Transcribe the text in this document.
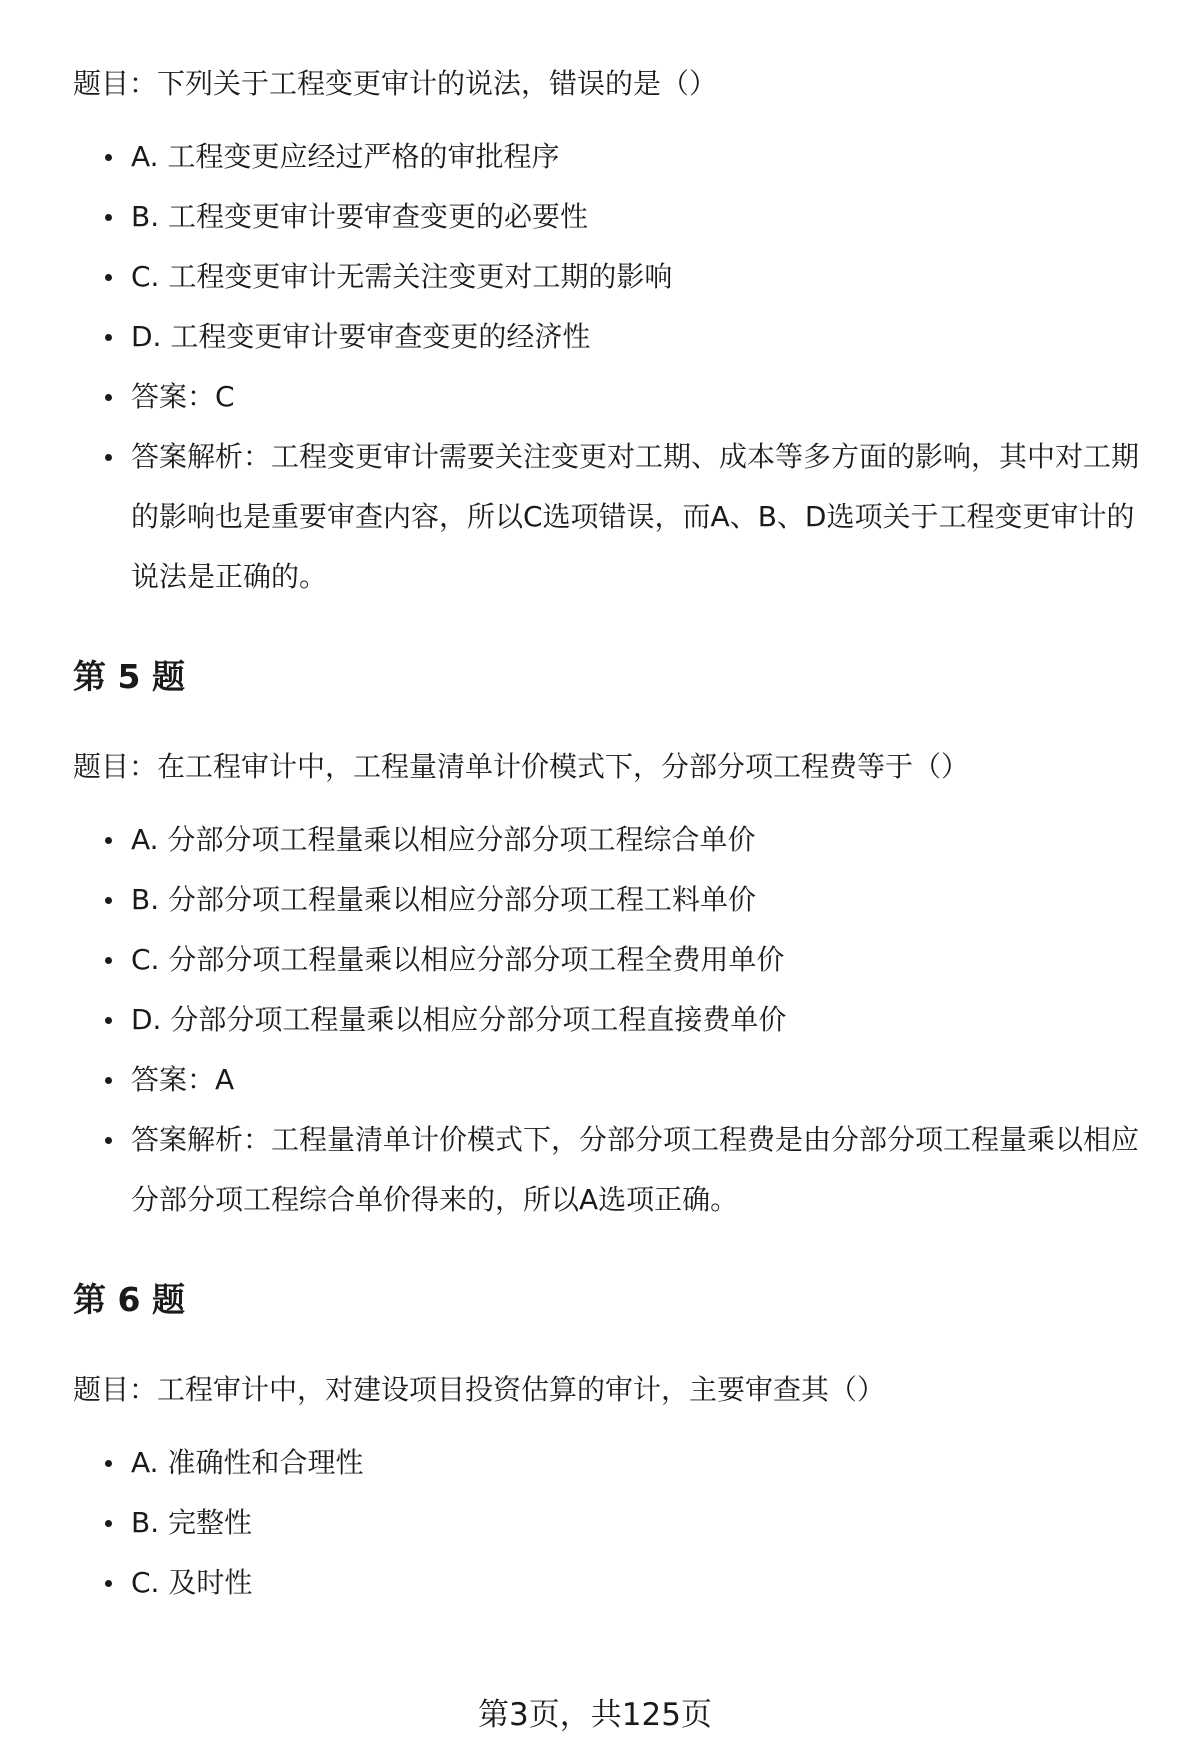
题目：下列关于工程变更审计的说法，错误的是（）

A. 工程变更应经过严格的审批程序
B. 工程变更审计要审查变更的必要性
C. 工程变更审计无需关注变更对工期的影响
D. 工程变更审计要审查变更的经济性
答案：C
答案解析：工程变更审计需要关注变更对工期、成本等多方面的影响，其中对工期的影响也是重要审查内容，所以C选项错误，而A、B、D选项关于工程变更审计的说法是正确的。
第 5 题

题目：在工程审计中，工程量清单计价模式下，分部分项工程费等于（）

A. 分部分项工程量乘以相应分部分项工程综合单价
B. 分部分项工程量乘以相应分部分项工程工料单价
C. 分部分项工程量乘以相应分部分项工程全费用单价
D. 分部分项工程量乘以相应分部分项工程直接费单价
答案：A
答案解析：工程量清单计价模式下，分部分项工程费是由分部分项工程量乘以相应分部分项工程综合单价得来的，所以A选项正确。
第 6 题

题目：工程审计中，对建设项目投资估算的审计，主要审查其（）

A. 准确性和合理性
B. 完整性
C. 及时性
第3页，共125页
